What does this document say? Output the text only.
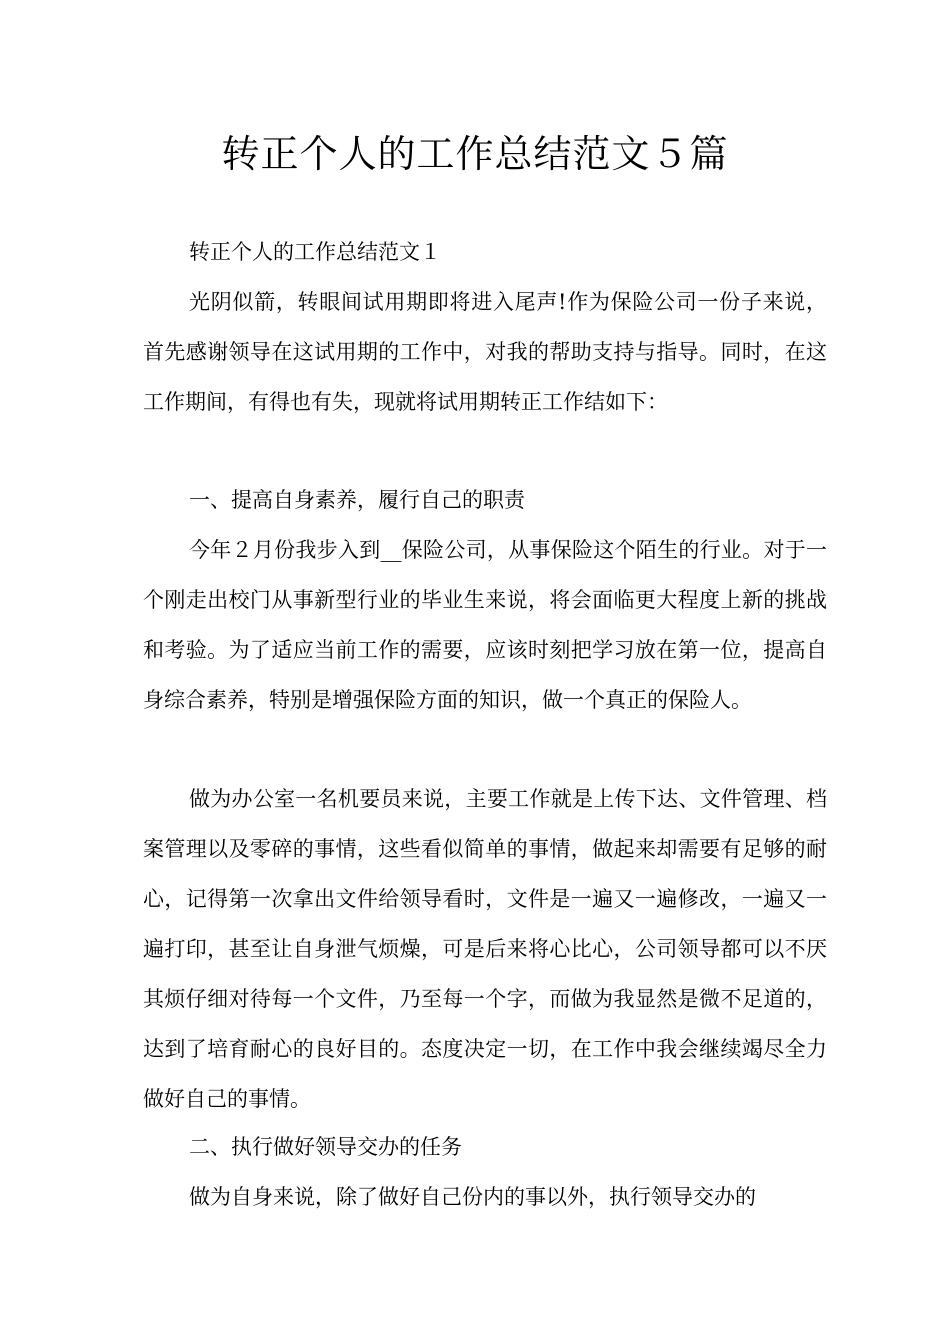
转正个人的工作总结范文５篇

转正个人的工作总结范文１

光阴似箭，转眼间试用期即将进入尾声!作为保险公司一份子来说，首先感谢领导在这试用期的工作中，对我的帮助支持与指导。同时，在这工作期间，有得也有失，现就将试用期转正工作结如下：

一、提高自身素养，履行自己的职责

今年２月份我步入到__保险公司，从事保险这个陌生的行业。对于一个刚走出校门从事新型行业的毕业生来说，将会面临更大程度上新的挑战和考验。为了适应当前工作的需要，应该时刻把学习放在第一位，提高自身综合素养，特别是增强保险方面的知识，做一个真正的保险人。

做为办公室一名机要员来说，主要工作就是上传下达、文件管理、档案管理以及零碎的事情，这些看似简单的事情，做起来却需要有足够的耐心，记得第一次拿出文件给领导看时，文件是一遍又一遍修改，一遍又一遍打印，甚至让自身泄气烦燥，可是后来将心比心，公司领导都可以不厌其烦仔细对待每一个文件，乃至每一个字，而做为我显然是微不足道的，达到了培育耐心的良好目的。态度决定一切，在工作中我会继续竭尽全力做好自己的事情。

二、执行做好领导交办的任务

做为自身来说，除了做好自己份内的事以外，执行领导交办的
